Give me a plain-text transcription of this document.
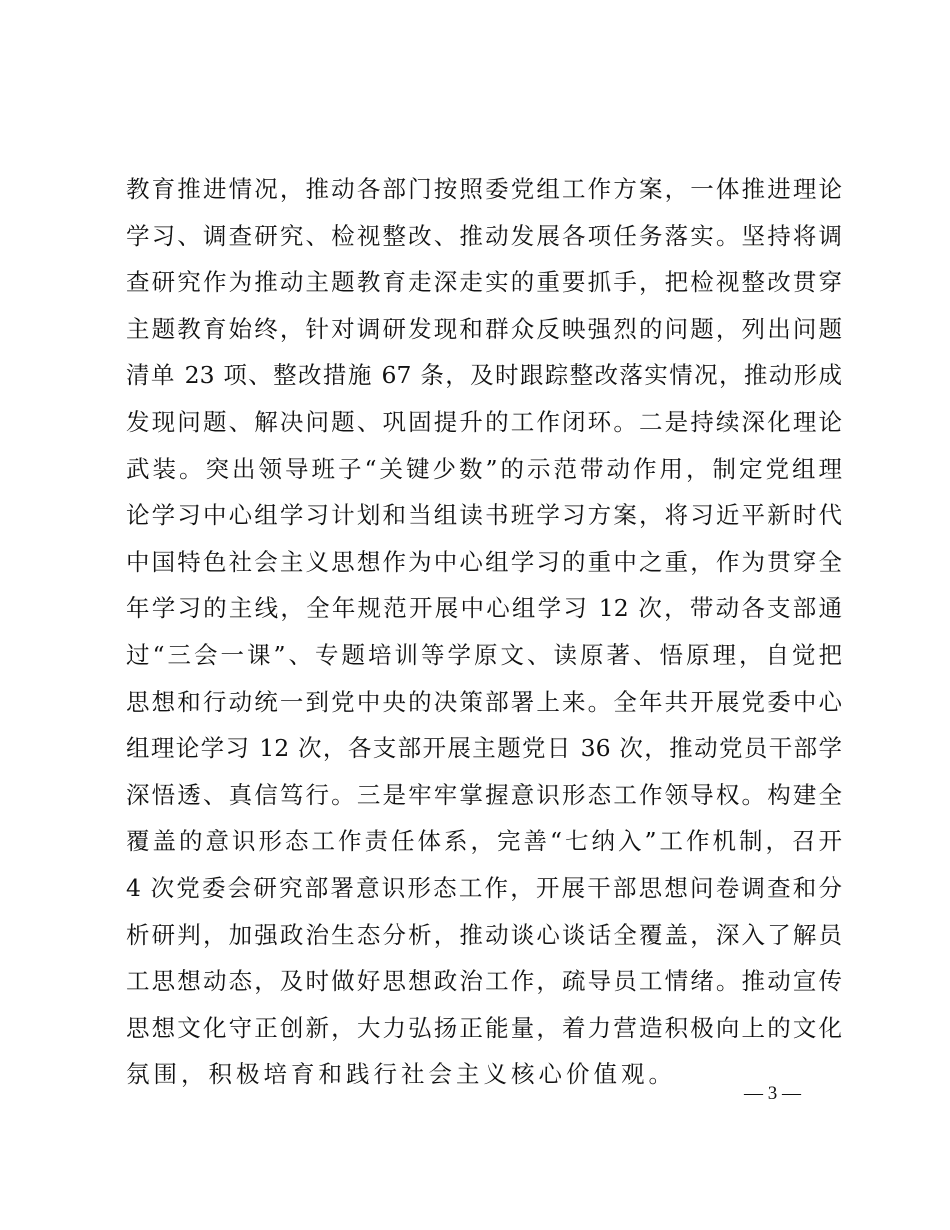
教育推进情况，推动各部门按照委党组工作方案，一体推进理论
学习、调查研究、检视整改、推动发展各项任务落实。坚持将调
查研究作为推动主题教育走深走实的重要抓手，把检视整改贯穿
主题教育始终，针对调研发现和群众反映强烈的问题，列出问题
清单 23 项、整改措施 67 条，及时跟踪整改落实情况，推动形成
发现问题、解决问题、巩固提升的工作闭环。二是持续深化理论
武装。突出领导班子“关键少数”的示范带动作用，制定党组理
论学习中心组学习计划和当组读书班学习方案，将习近平新时代
中国特色社会主义思想作为中心组学习的重中之重，作为贯穿全
年学习的主线，全年规范开展中心组学习 12 次，带动各支部通
过“三会一课”、专题培训等学原文、读原著、悟原理，自觉把
思想和行动统一到党中央的决策部署上来。全年共开展党委中心
组理论学习 12 次，各支部开展主题党日 36 次，推动党员干部学
深悟透、真信笃行。三是牢牢掌握意识形态工作领导权。构建全
覆盖的意识形态工作责任体系，完善“七纳入”工作机制，召开
4 次党委会研究部署意识形态工作，开展干部思想问卷调查和分
析研判，加强政治生态分析，推动谈心谈话全覆盖，深入了解员
工思想动态，及时做好思想政治工作，疏导员工情绪。推动宣传
思想文化守正创新，大力弘扬正能量，着力营造积极向上的文化
氛围，积极培育和践行社会主义核心价值观。
— 3 —
